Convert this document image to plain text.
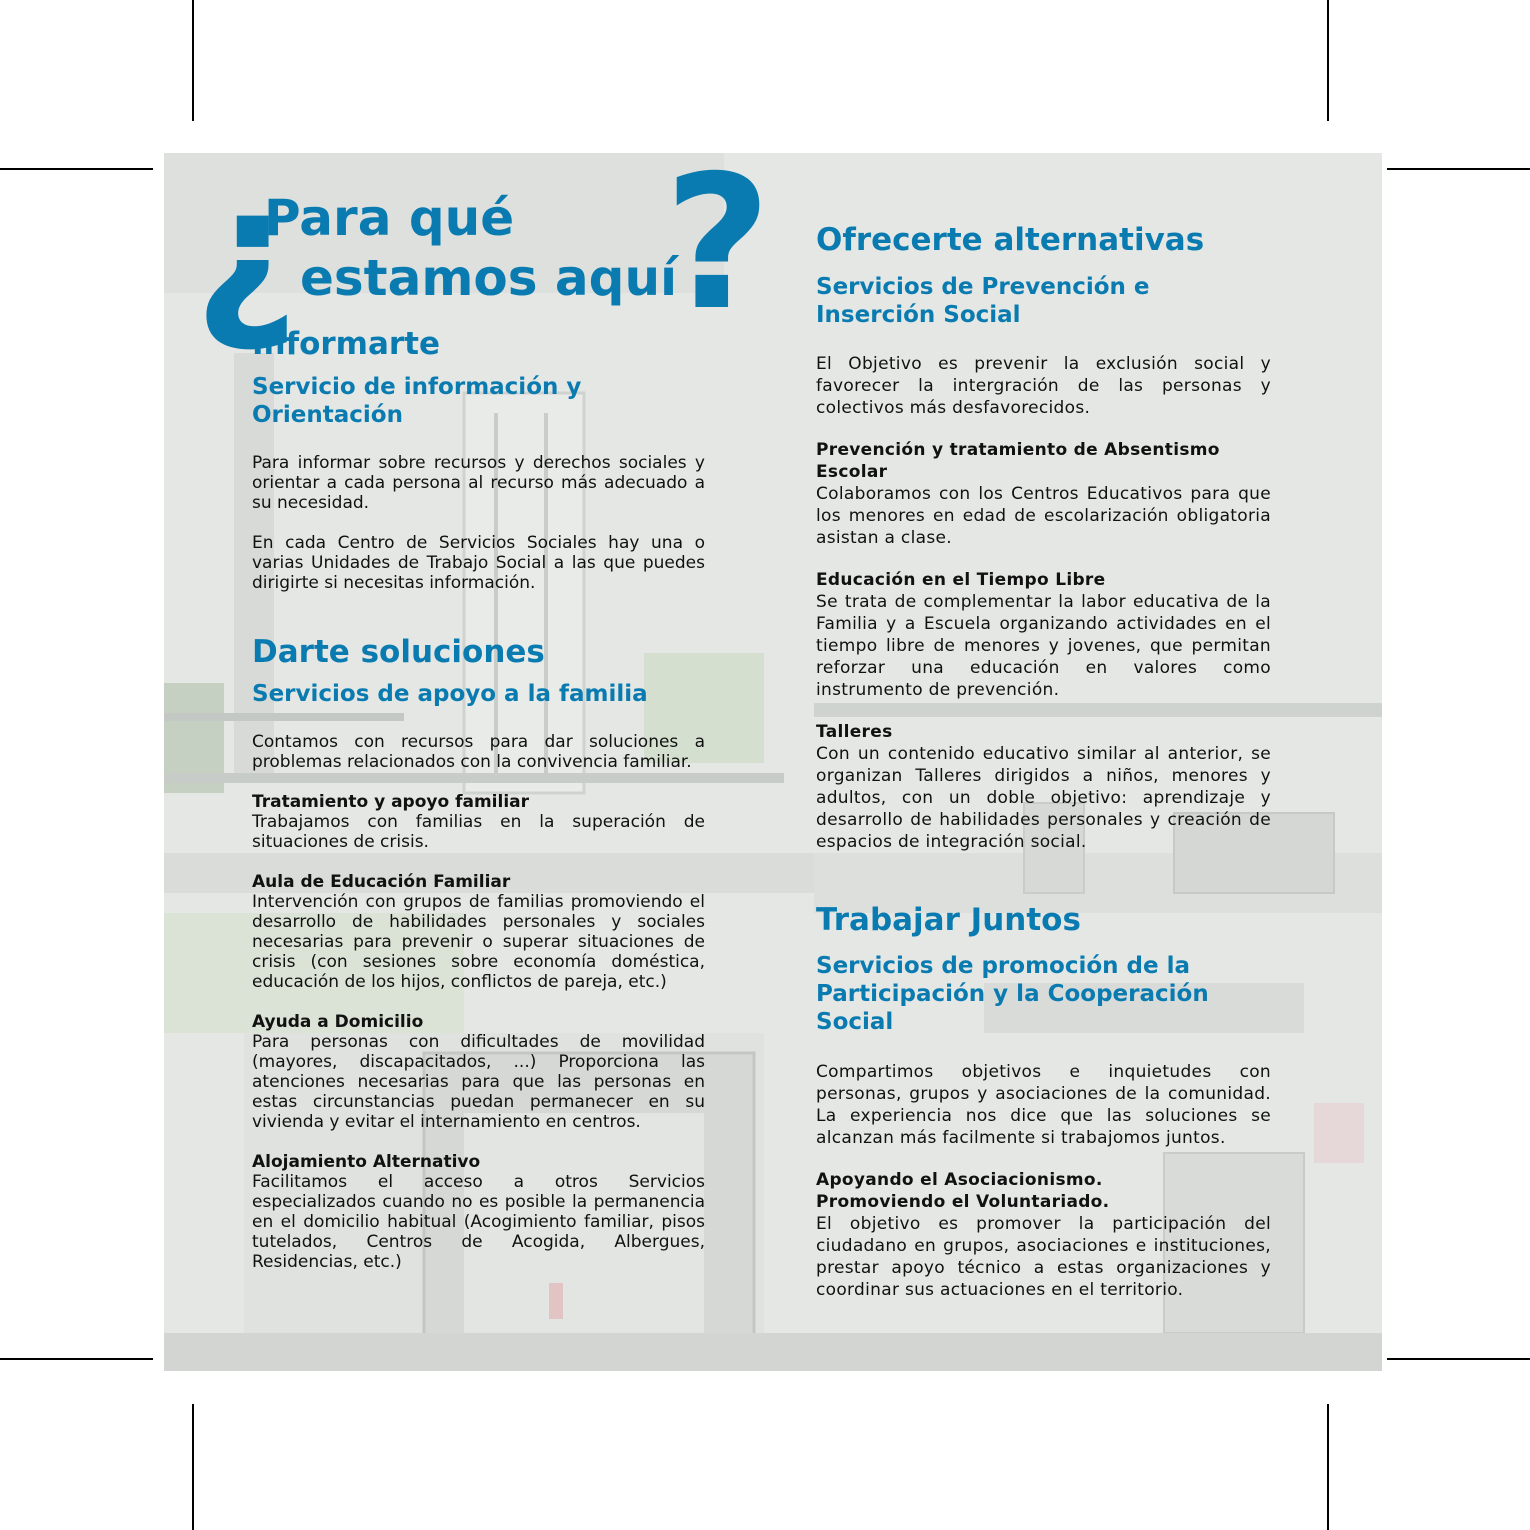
¿
Para qué
estamos aquí
?
Informarte
Servicio de información y Orientación

Para informar sobre recursos y derechos sociales y orientar a cada persona al recurso más adecuado a su necesidad.

En cada Centro de Servicios Sociales hay una o varias Unidades de Trabajo Social a las que puedes dirigirte si necesitas información.

Darte soluciones
Servicios de apoyo a la familia

Contamos con recursos para dar soluciones a problemas relacionados con la convivencia familiar.

Tratamiento y apoyo familiar
Trabajamos con familias en la superación de situaciones de crisis.
Aula de Educación Familiar
Intervención con grupos de familias promoviendo el desarrollo de habilidades personales y sociales necesarias para prevenir o superar situaciones de crisis (con sesiones sobre economía doméstica, educación de los hijos, conflictos de pareja, etc.)
Ayuda a Domicilio
Para personas con dificultades de movilidad (mayores, discapacitados, ...) Proporciona las atenciones necesarias para que las personas en estas circunstancias puedan permanecer en su vivienda y evitar el internamiento en centros.
Alojamiento Alternativo
Facilitamos el acceso a otros Servicios especializados cuando no es posible la permanencia en el domicilio habitual (Acogimiento familiar, pisos tutelados, Centros de Acogida, Albergues, Residencias, etc.)
Ofrecerte alternativas
Servicios de Prevención e Inserción Social

El Objetivo es prevenir la exclusión social y favorecer la intergración de las personas y colectivos más desfavorecidos.

Prevención y tratamiento de Absentismo Escolar
Colaboramos con los Centros Educativos para que los menores en edad de escolarización obligatoria asistan a clase.
Educación en el Tiempo Libre
Se trata de complementar la labor educativa de la Familia y a Escuela organizando actividades en el tiempo libre de menores y jovenes, que permitan reforzar una educación en valores como instrumento de prevención.
Talleres
Con un contenido educativo similar al anterior, se organizan Talleres dirigidos a niños, menores y adultos, con un doble objetivo: aprendizaje y desarrollo de habilidades personales y creación de espacios de integración social.
Trabajar Juntos
Servicios de promoción de la Participación y la Cooperación Social

Compartimos objetivos e inquietudes con personas, grupos y asociaciones de la comunidad. La experiencia nos dice que las soluciones se alcanzan más facilmente si trabajomos juntos.

Apoyando el Asociacionismo.
Promoviendo el Voluntariado.
El objetivo es promover la participación del ciudadano en grupos, asociaciones e instituciones, prestar apoyo técnico a estas organizaciones y coordinar sus actuaciones en el territorio.
